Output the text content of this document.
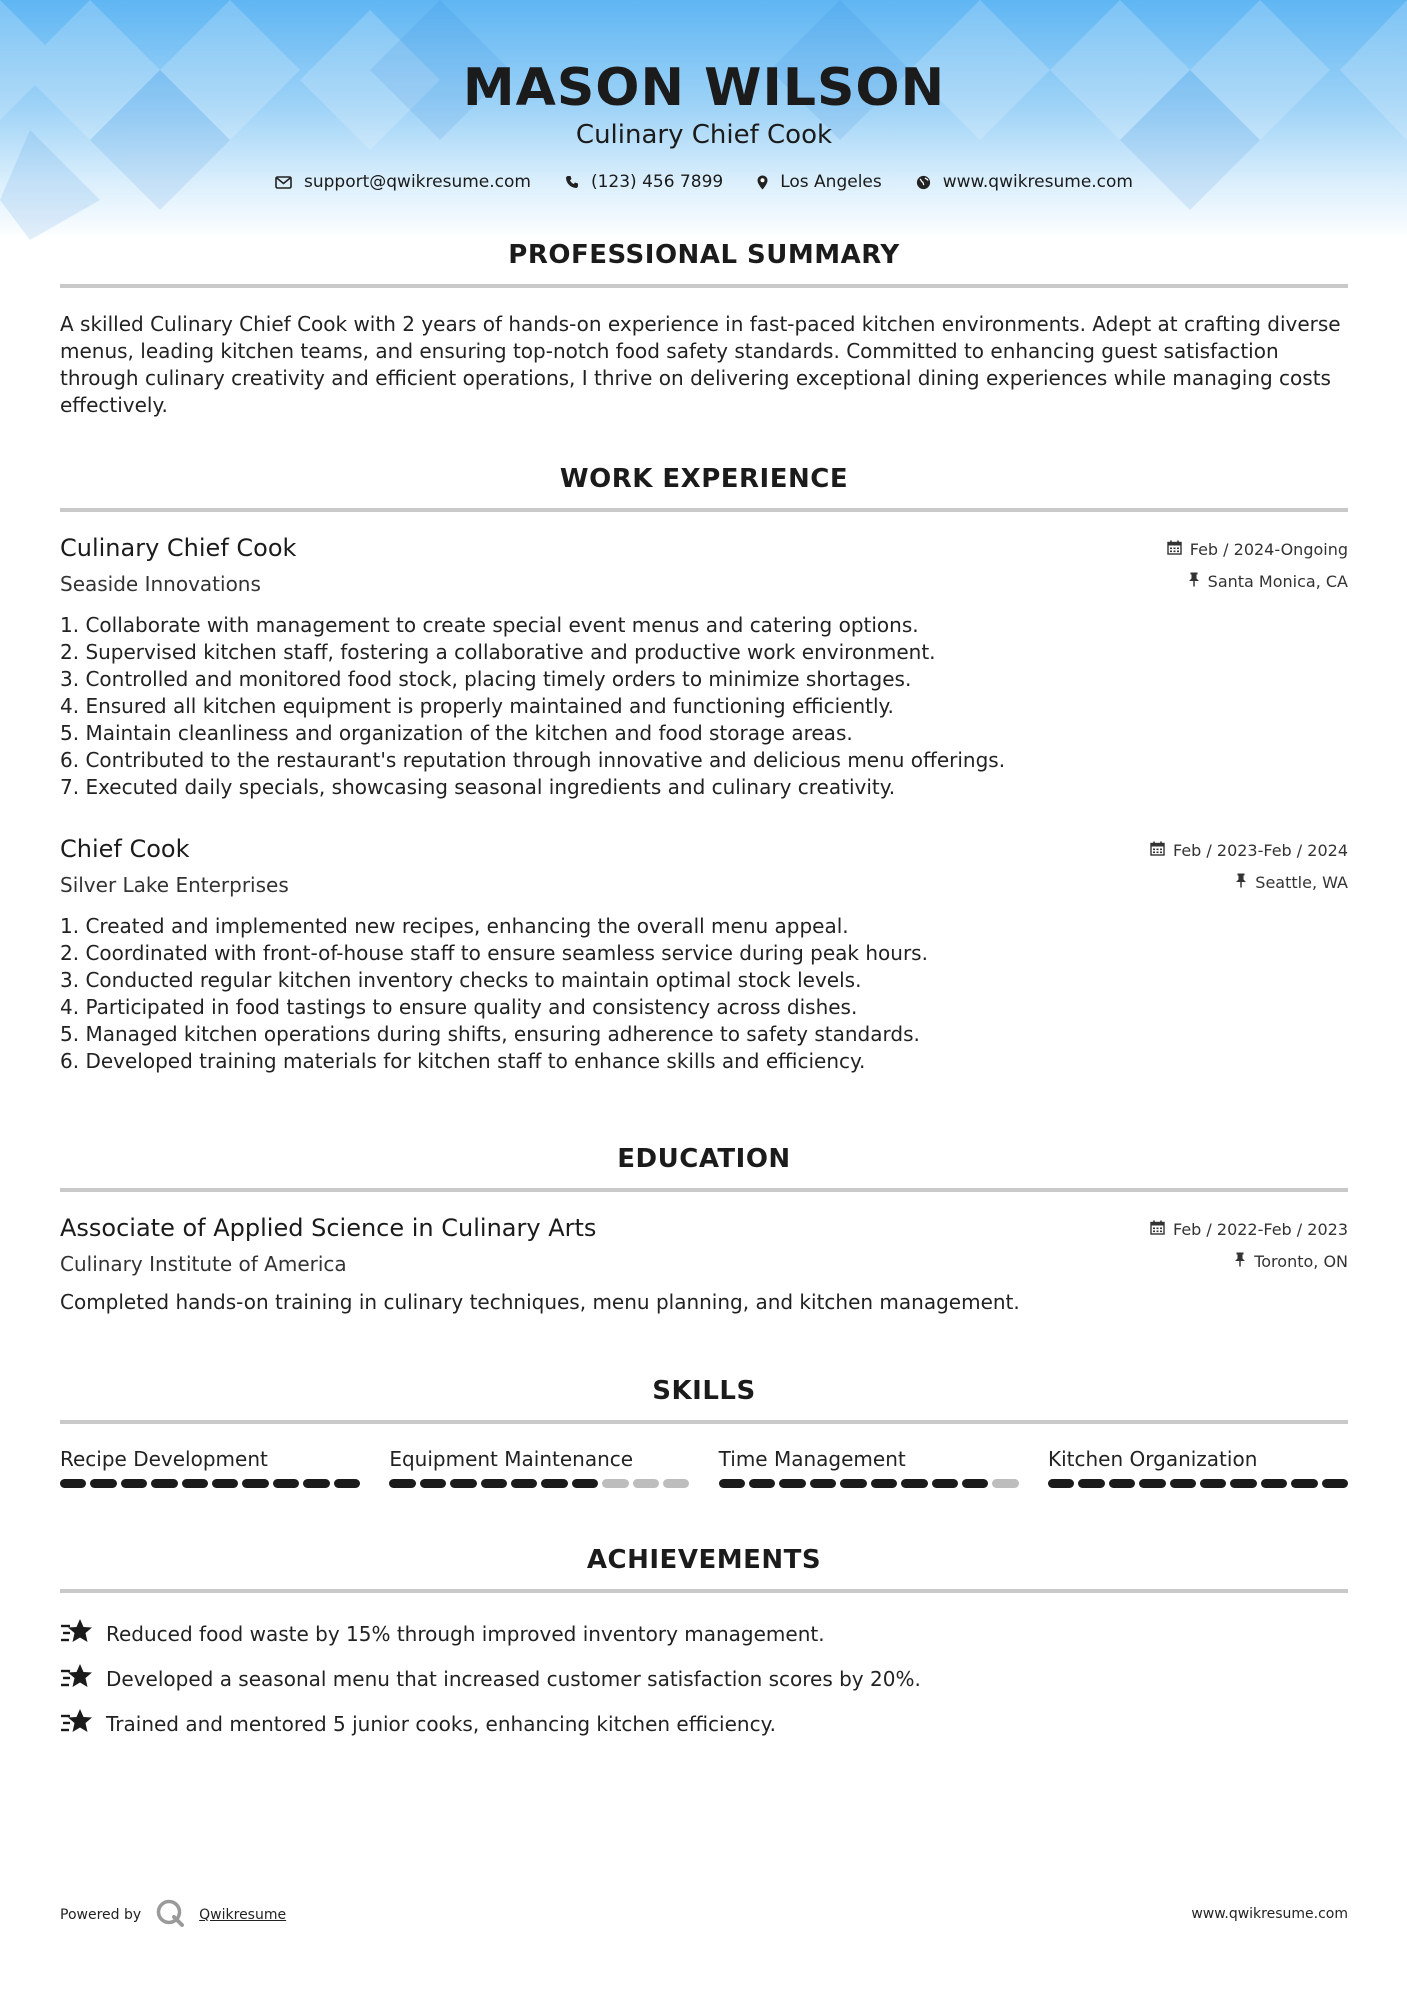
MASON WILSON
Culinary Chief Cook
support@qwikresume.com	(123) 456 7899	Los Angeles	www.qwikresume.com
PROFESSIONAL SUMMARY
A skilled Culinary Chief Cook with 2 years of hands-on experience in fast-paced kitchen environments. Adept at crafting diverse menus, leading kitchen teams, and ensuring top-notch food safety standards. Committed to enhancing guest satisfaction through culinary creativity and efficient operations, I thrive on delivering exceptional dining experiences while managing costs effectively.
WORK EXPERIENCE
Culinary Chief Cook
Seaside Innovations
Feb / 2024-Ongoing
Santa Monica, CA
1. Collaborate with management to create special event menus and catering options.
2. Supervised kitchen staff, fostering a collaborative and productive work environment.
3. Controlled and monitored food stock, placing timely orders to minimize shortages.
4. Ensured all kitchen equipment is properly maintained and functioning efficiently.
5. Maintain cleanliness and organization of the kitchen and food storage areas.
6. Contributed to the restaurant's reputation through innovative and delicious menu offerings.
7. Executed daily specials, showcasing seasonal ingredients and culinary creativity.
Chief Cook
Silver Lake Enterprises
Feb / 2023-Feb / 2024
Seattle, WA
1. Created and implemented new recipes, enhancing the overall menu appeal.
2. Coordinated with front-of-house staff to ensure seamless service during peak hours.
3. Conducted regular kitchen inventory checks to maintain optimal stock levels.
4. Participated in food tastings to ensure quality and consistency across dishes.
5. Managed kitchen operations during shifts, ensuring adherence to safety standards.
6. Developed training materials for kitchen staff to enhance skills and efficiency.
EDUCATION
Associate of Applied Science in Culinary Arts
Culinary Institute of America
Feb / 2022-Feb / 2023
Toronto, ON
Completed hands-on training in culinary techniques, menu planning, and kitchen management.
SKILLS
Recipe Development	Equipment Maintenance	Time Management	Kitchen Organization
ACHIEVEMENTS
Reduced food waste by 15% through improved inventory management.
Developed a seasonal menu that increased customer satisfaction scores by 20%.
Trained and mentored 5 junior cooks, enhancing kitchen efficiency.
Powered by	Qwikresume	www.qwikresume.com
